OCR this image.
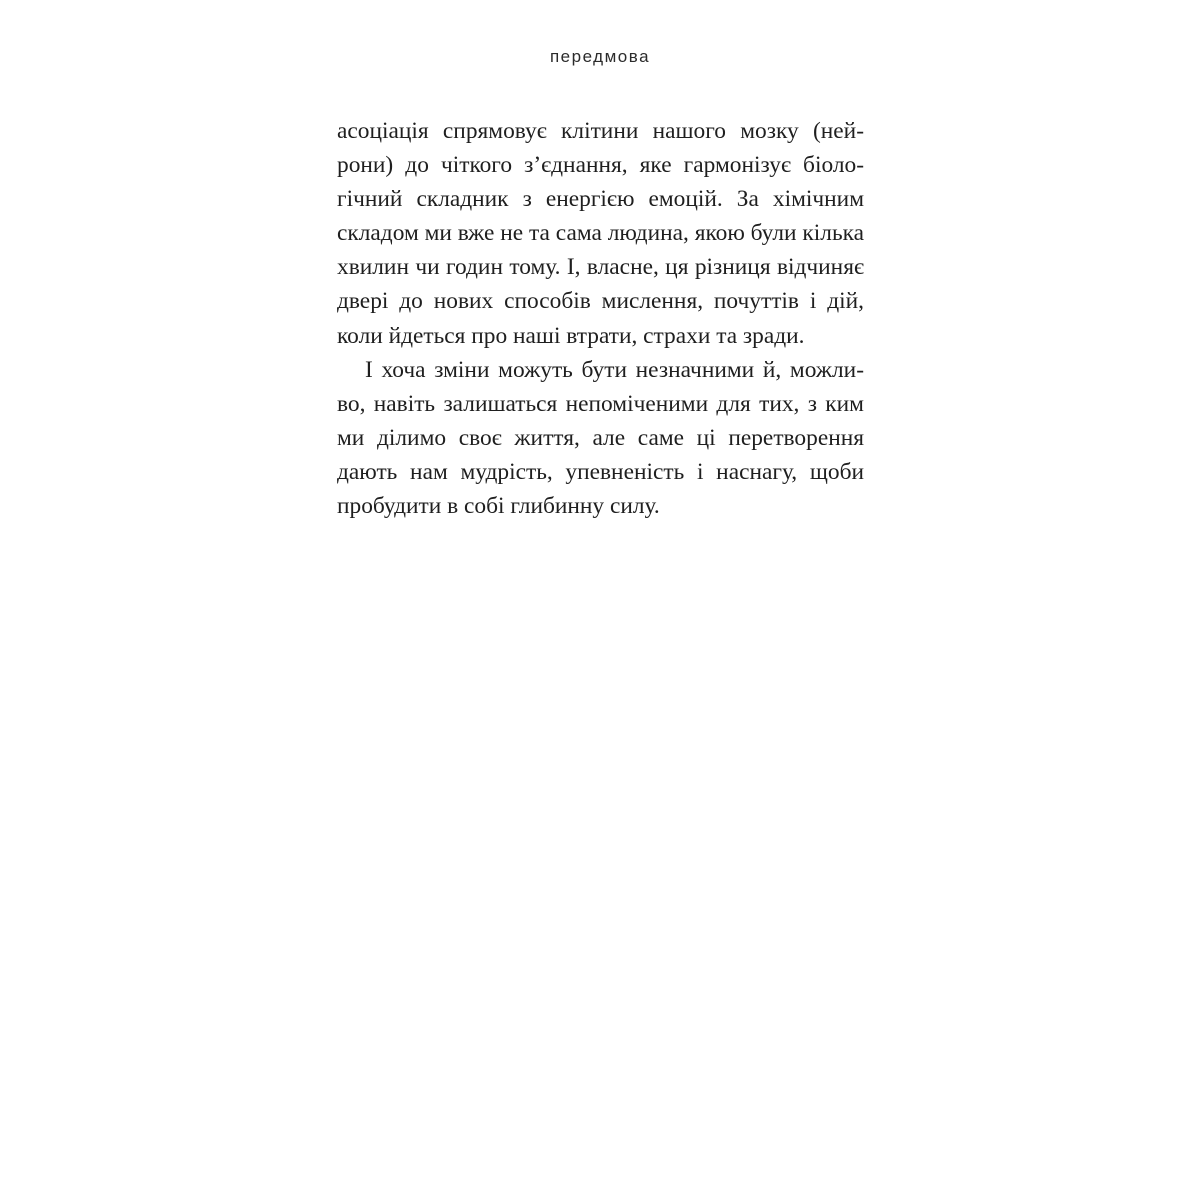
передмова
асоціація спрямовує клітини нашого мозку (ней-
рони) до чіткого з’єднання, яке гармонізує біоло-
гічний складник з енергією емоцій. За хімічним
складом ми вже не та сама людина, якою були кілька
хвилин чи годин тому. І, власне, ця різниця відчиняє
двері до нових способів мислення, почуттів і дій,
коли йдеться про наші втрати, страхи та зради.
І хоча зміни можуть бути незначними й, можли-
во, навіть залишаться непоміченими для тих, з ким
ми ділимо своє життя, але саме ці перетворення
дають нам мудрість, упевненість і наснагу, щоби
пробудити в собі глибинну силу.
